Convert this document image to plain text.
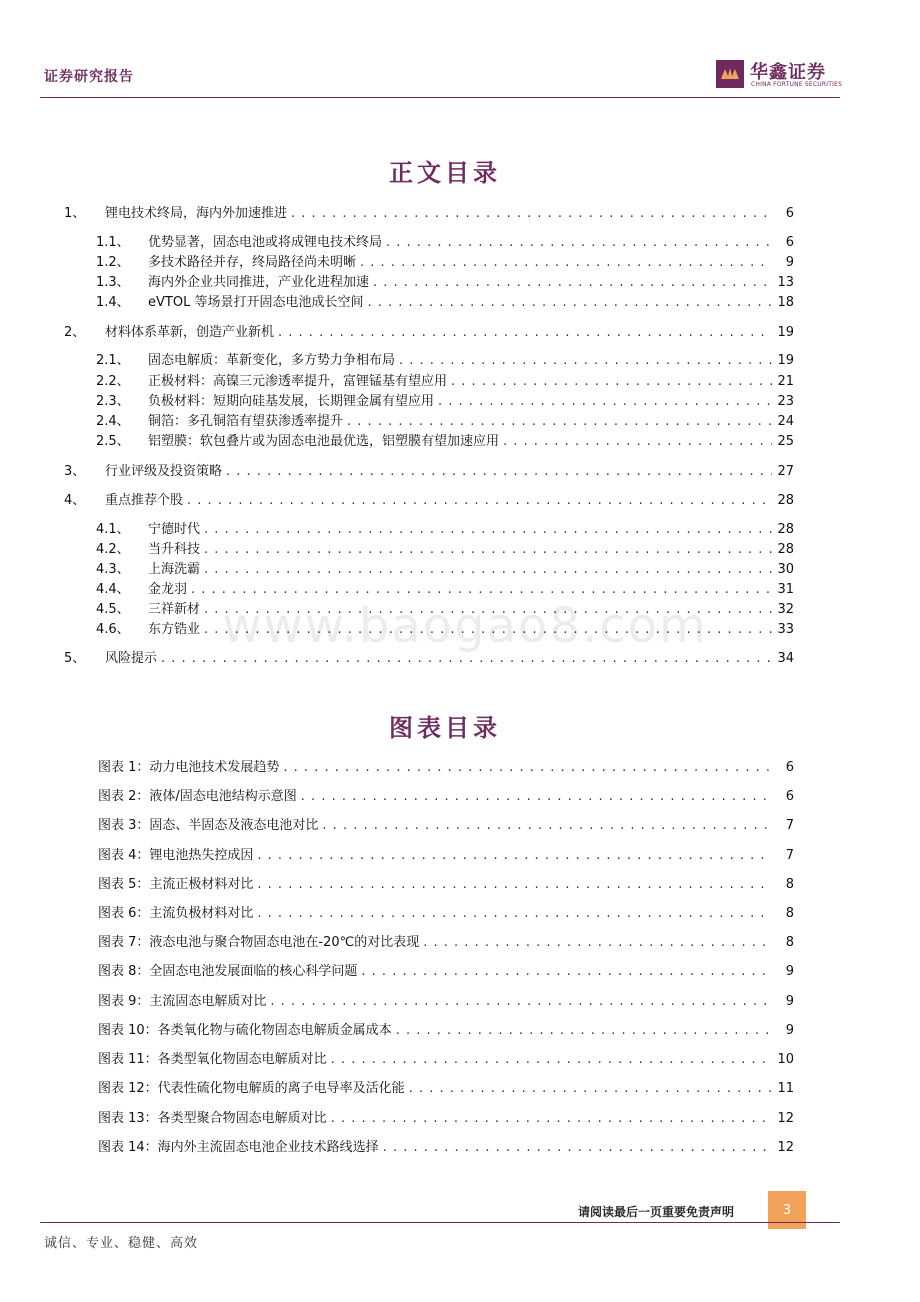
证券研究报告	华鑫证券
CHINA FORTUNE SECURITIES
正文目录
1、	锂电技术终局，海内外加速推进 . . .	6
1.1、	优势显著，固态电池或将成锂电技术终局 . . .	6
1.2、	多技术路径并存，终局路径尚未明晰 . . .	9
1.3、	海内外企业共同推进，产业化进程加速 . . .	13
1.4、	eVTOL 等场景打开固态电池成长空间 . . .	18
2、	材料体系革新，创造产业新机 . . .	19
2.1、	固态电解质：革新变化，多方势力争相布局 . . .	19
2.2、	正极材料：高镍三元渗透率提升，富锂锰基有望应用 . . .	21
2.3、	负极材料：短期向硅基发展，长期锂金属有望应用 . . .	23
2.4、	铜箔：多孔铜箔有望获渗透率提升 . . .	24
2.5、	铝塑膜：软包叠片或为固态电池最优选，铝塑膜有望加速应用 . . .	25
3、	行业评级及投资策略 . . .	27
4、	重点推荐个股 . . .	28
4.1、	宁德时代 . . .	28
4.2、	当升科技 . . .	28
4.3、	上海洗霸 . . .	30
4.4、	金龙羽 . . .	31
4.5、	三祥新材 . . .	32
4.6、	东方锆业 . . .	33
5、	风险提示 . . .	34
www.baogao8.com
图表目录
图表 1：动力电池技术发展趋势 . . .	6
图表 2：液体/固态电池结构示意图 . . .	6
图表 3：固态、半固态及液态电池对比 . . .	7
图表 4：锂电池热失控成因 . . .	7
图表 5：主流正极材料对比 . . .	8
图表 6：主流负极材料对比 . . .	8
图表 7：液态电池与聚合物固态电池在-20℃的对比表现 . . .	8
图表 8：全固态电池发展面临的核心科学问题 . . .	9
图表 9：主流固态电解质对比 . . .	9
图表 10：各类氧化物与硫化物固态电解质金属成本 . . .	9
图表 11：各类型氧化物固态电解质对比 . . .	10
图表 12：代表性硫化物电解质的离子电导率及活化能 . . .	11
图表 13：各类型聚合物固态电解质对比 . . .	12
图表 14：海内外主流固态电池企业技术路线选择 . . .	12
请阅读最后一页重要免责声明	3
诚信、专业、稳健、高效
